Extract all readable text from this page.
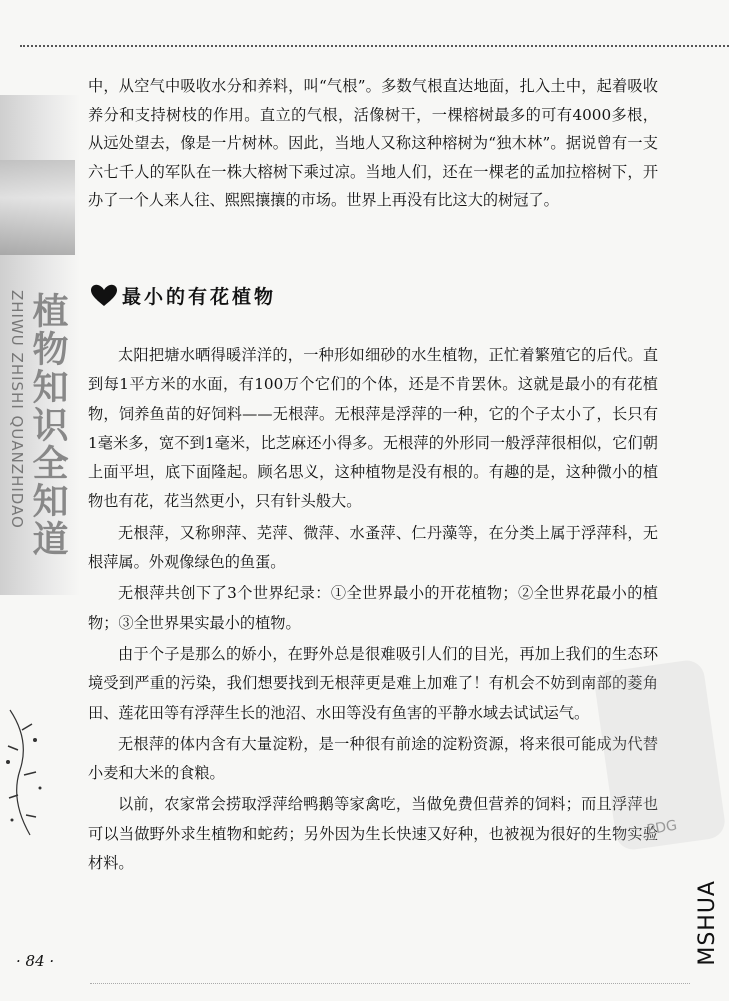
ZHIWU ZHISHI QUANZHIDAO 植物知识全知道

中，从空气中吸收水分和养料，叫“气根”。多数气根直达地面，扎入土中，起着吸收养分和支持树枝的作用。直立的气根，活像树干，一棵榕树最多的可有4000多根，从远处望去，像是一片树林。因此，当地人又称这种榕树为“独木林”。据说曾有一支六七千人的军队在一株大榕树下乘过凉。当地人们，还在一棵老的孟加拉榕树下，开办了一个人来人往、熙熙攘攘的市场。世界上再没有比这大的树冠了。

最小的有花植物

太阳把塘水晒得暖洋洋的，一种形如细砂的水生植物，正忙着繁殖它的后代。直到每1平方米的水面，有100万个它们的个体，还是不肯罢休。这就是最小的有花植物，饲养鱼苗的好饲料——无根萍。无根萍是浮萍的一种，它的个子太小了，长只有1毫米多，宽不到1毫米，比芝麻还小得多。无根萍的外形同一般浮萍很相似，它们朝上面平坦，底下面隆起。顾名思义，这种植物是没有根的。有趣的是，这种微小的植物也有花，花当然更小，只有针头般大。

无根萍，又称卵萍、芜萍、微萍、水蚤萍、仁丹藻等，在分类上属于浮萍科，无根萍属。外观像绿色的鱼蛋。

无根萍共创下了3个世界纪录：①全世界最小的开花植物；②全世界花最小的植物；③全世界果实最小的植物。

由于个子是那么的娇小，在野外总是很难吸引人们的目光，再加上我们的生态环境受到严重的污染，我们想要找到无根萍更是难上加难了！有机会不妨到南部的菱角田、莲花田等有浮萍生长的池沼、水田等没有鱼害的平静水域去试试运气。

无根萍的体内含有大量淀粉，是一种很有前途的淀粉资源，将来很可能成为代替小麦和大米的食粮。

以前，农家常会捞取浮萍给鸭鹅等家禽吃，当做免费但营养的饲料；而且浮萍也可以当做野外求生植物和蛇药；另外因为生长快速又好种，也被视为很好的生物实验材料。

PDG
MSHUA
· 84 ·
